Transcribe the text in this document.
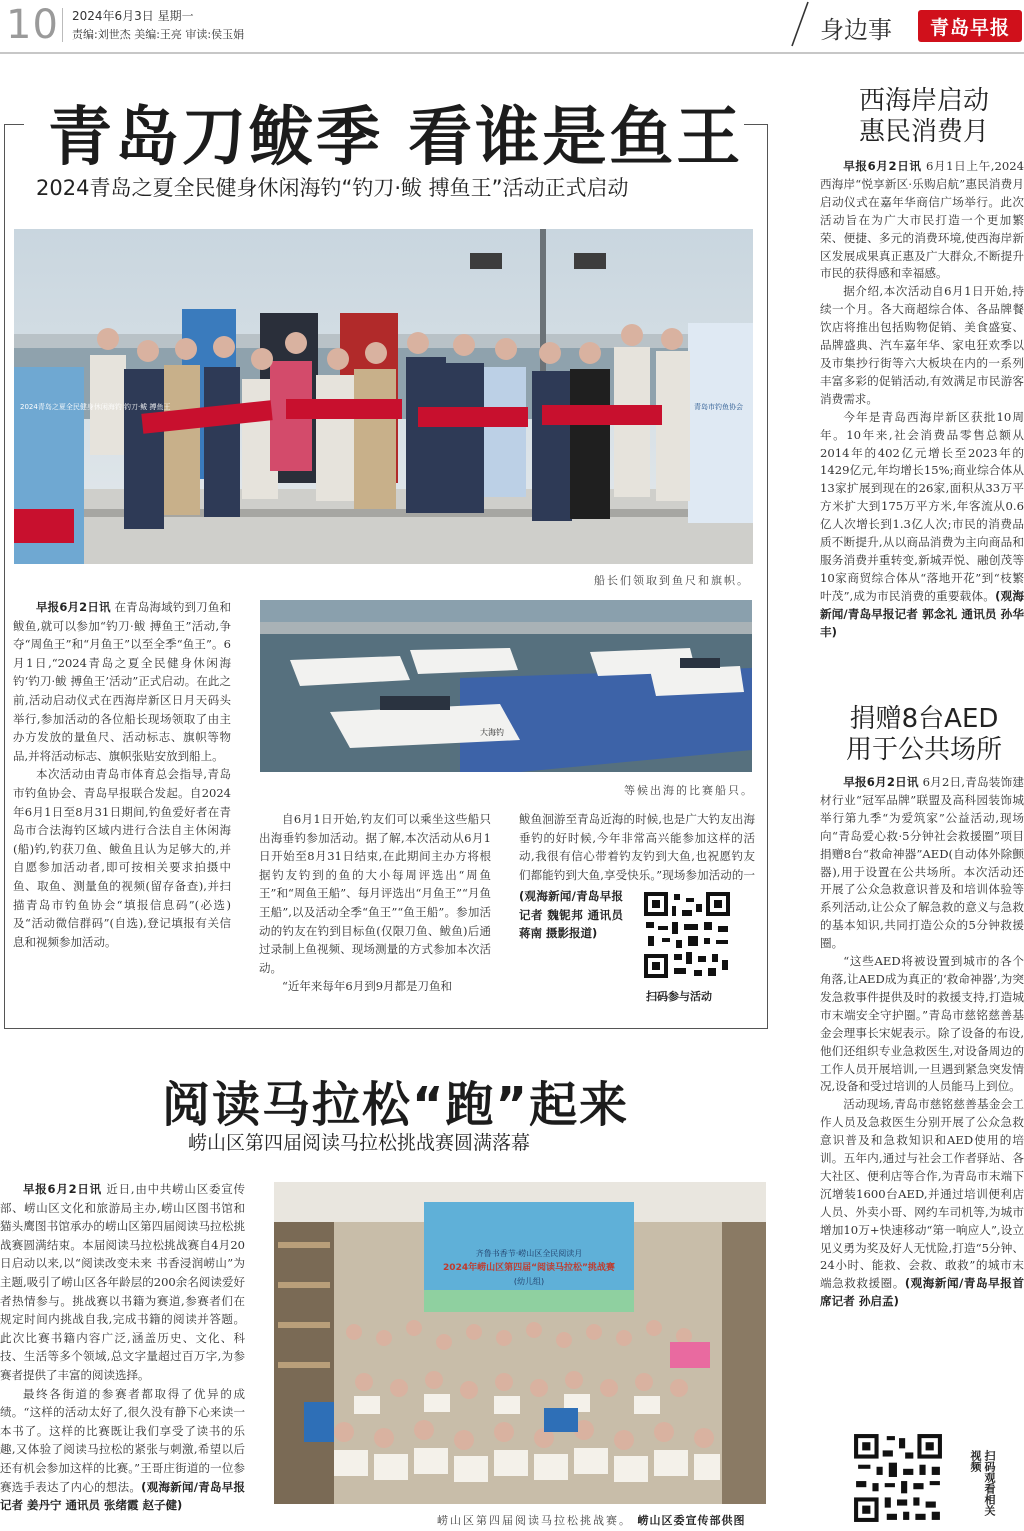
10 2024年6月3日 星期一
责编:刘世杰 美编:王亮 审读:侯玉娟	身边事	青岛早报
青岛刀鲅季 看谁是鱼王
2024青岛之夏全民健身休闲海钓“钓刀·鲅 搏鱼王”活动正式启动
2024青岛之夏全民健身休闲海钓 钓刀·鲅 搏鱼王	青岛市钓鱼协会
船长们领取到鱼尺和旗帜。
大海钓
等候出海的比赛船只。

早报6月2日讯 在青岛海域钓到刀鱼和鲅鱼,就可以参加“钓刀·鲅 搏鱼王”活动,争夺“周鱼王”和“月鱼王”以至全季“鱼王”。6月1日,“2024青岛之夏全民健身休闲海钓‘钓刀·鲅 搏鱼王’活动”正式启动。在此之前,活动启动仪式在西海岸新区日月天码头举行,参加活动的各位船长现场领取了由主办方发放的量鱼尺、活动标志、旗帜等物品,并将活动标志、旗帜张贴安放到船上。

本次活动由青岛市体育总会指导,青岛市钓鱼协会、青岛早报联合发起。自2024年6月1日至8月31日期间,钓鱼爱好者在青岛市合法海钓区域内进行合法自主休闲海(船)钓,钓获刀鱼、鲅鱼且认为足够大的,并自愿参加活动者,即可按相关要求拍摄中鱼、取鱼、测量鱼的视频(留存备查),并扫描青岛市钓鱼协会“填报信息码”(必选)及“活动微信群码”(自选),登记填报有关信息和视频参加活动。

自6月1日开始,钓友们可以乘坐这些船只出海垂钓参加活动。据了解,本次活动从6月1日开始至8月31日结束,在此期间主办方将根据钓友钓到的鱼的大小每周评选出“周鱼王”和“周鱼王船”、每月评选出“月鱼王”“月鱼王船”,以及活动全季“鱼王”“鱼王船”。参加活动的钓友在钓到目标鱼(仅限刀鱼、鲅鱼)后通过录制上鱼视频、现场测量的方式参加本次活动。

“近年来每年6月到9月都是刀鱼和

鲅鱼洄游至青岛近海的时候,也是广大钓友出海垂钓的好时候,今年非常高兴能参加这样的活动,我很有信心带着钓友钓到大鱼,也祝愿钓友们都能钓到大鱼,享受快乐。”现场参加活动的一

(观海新闻/青岛早报记者 魏铌邦 通讯员 蒋南 摄影报道)

扫码参与活动
西海岸启动
惠民消费月

早报6月2日讯 6月1日上午,2024西海岸“悦享新区·乐购启航”惠民消费月启动仪式在嘉年华商信广场举行。此次活动旨在为广大市民打造一个更加繁荣、便捷、多元的消费环境,使西海岸新区发展成果真正惠及广大群众,不断提升市民的获得感和幸福感。

据介绍,本次活动自6月1日开始,持续一个月。各大商超综合体、各品牌餐饮店将推出包括购物促销、美食盛宴、品牌盛典、汽车嘉年华、家电狂欢季以及市集抄行街等六大板块在内的一系列丰富多彩的促销活动,有效满足市民游客消费需求。

今年是青岛西海岸新区获批10周年。10年来,社会消费品零售总额从2014年的402亿元增长至2023年的1429亿元,年均增长15%;商业综合体从13家扩展到现在的26家,面积从33万平方米扩大到175万平方米,年客流从0.6亿人次增长到1.3亿人次;市民的消费品质不断提升,从以商品消费为主向商品和服务消费并重转变,新城弄悦、融创茂等10家商贸综合体从“落地开花”到“枝繁叶茂”,成为市民消费的重要载体。(观海新闻/青岛早报记者 郭念礼 通讯员 孙华丰)

捐赠8台AED
用于公共场所

早报6月2日讯 6月2日,青岛装饰建材行业“冠军品牌”联盟及高科园装饰城举行第九季“为爱筑家”公益活动,现场向“青岛爱心救·5分钟社会救援圈”项目捐赠8台“救命神器”AED(自动体外除颤器),用于设置在公共场所。本次活动还开展了公众急救意识普及和培训体验等系列活动,让公众了解急救的意义与急救的基本知识,共同打造公众的5分钟救援圈。

“这些AED将被设置到城市的各个角落,让AED成为真正的‘救命神器’,为突发急救事件提供及时的救援支持,打造城市末端安全守护圈。”青岛市慈铭慈善基金会理事长宋妮表示。除了设备的布设,他们还组织专业急救医生,对设备周边的工作人员开展培训,一旦遇到紧急突发情况,设备和受过培训的人员能马上到位。

活动现场,青岛市慈铭慈善基金会工作人员及急救医生分别开展了公众急救意识普及和急救知识和AED使用的培训。五年内,通过与社会工作者驿站、各大社区、便利店等合作,为青岛市末端下沉增装1600台AED,并通过培训便利店人员、外卖小哥、网约车司机等,为城市增加10万+快速移动“第一响应人”,设立见义勇为奖及好人无忧险,打造“5分钟、24小时、能救、会救、敢救”的城市末端急救救援圈。(观海新闻/青岛早报首席记者 孙启孟)

扫码观看相关视频
阅读马拉松“跑”起来
崂山区第四届阅读马拉松挑战赛圆满落幕

早报6月2日讯 近日,由中共崂山区委宣传部、崂山区文化和旅游局主办,崂山区图书馆和猫头鹰图书馆承办的崂山区第四届阅读马拉松挑战赛圆满结束。本届阅读马拉松挑战赛自4月20日启动以来,以“阅读改变未来 书香浸润崂山”为主题,吸引了崂山区各年龄层的200余名阅读爱好者热情参与。挑战赛以书籍为赛道,参赛者们在规定时间内挑战自我,完成书籍的阅读并答题。此次比赛书籍内容广泛,涵盖历史、文化、科技、生活等多个领域,总文字量超过百万字,为参赛者提供了丰富的阅读选择。

最终各街道的参赛者都取得了优异的成绩。“这样的活动太好了,很久没有静下心来读一本书了。这样的比赛既让我们享受了读书的乐趣,又体验了阅读马拉松的紧张与刺激,希望以后还有机会参加这样的比赛。”王哥庄街道的一位参赛选手表达了内心的想法。(观海新闻/青岛早报记者 姜丹宁 通讯员 张绪霞 赵子健)

齐鲁书香节·崂山区全民阅读月
2024年崂山区第四届“阅读马拉松”挑战赛
(幼儿组)
崂山区第四届阅读马拉松挑战赛。 崂山区委宣传部供图
